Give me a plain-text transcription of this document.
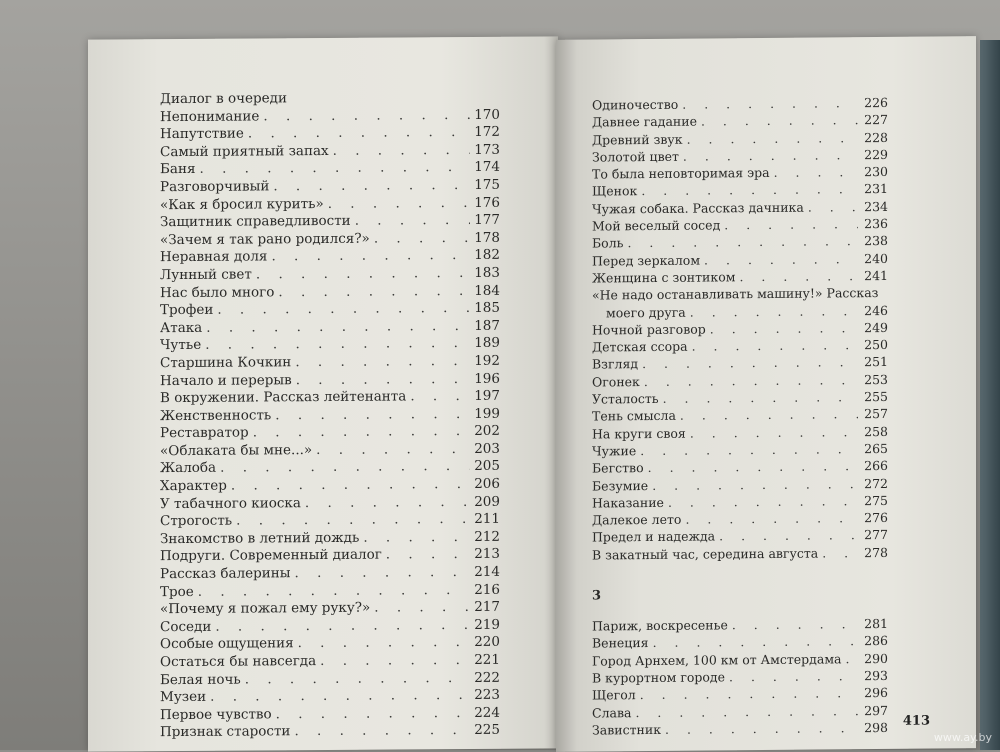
Диалог в очереди
Непонимание . . .	170
Напутствие . . .	172
Самый приятный запах . . .	173
Баня . . .	174
Разговорчивый . . .	175
«Как я бросил курить» . . .	176
Защитник справедливости . . .	177
«Зачем я так рано родился?» . . .	178
Неравная доля . . .	182
Лунный свет . . .	183
Нас было много . . .	184
Трофеи . . .	185
Атака . . .	187
Чутье . . .	189
Старшина Кочкин . . .	192
Начало и перерыв . . .	196
В окружении. Рассказ лейтенанта . . .	197
Женственность . . .	199
Реставратор . . .	202
«Облаката бы мне...» . . .	203
Жалоба . . .	205
Характер . . .	206
У табачного киоска . . .	209
Строгость . . .	211
Знакомство в летний дождь . . .	212
Подруги. Современный диалог . . .	213
Рассказ балерины . . .	214
Трое . . .	216
«Почему я пожал ему руку?» . . .	217
Соседи . . .	219
Особые ощущения . . .	220
Остаться бы навсегда . . .	221
Белая ночь . . .	222
Музеи . . .	223
Первое чувство . . .	224
Признак старости . . .	225
Одиночество . . .	226
Давнее гадание . . .	227
Древний звук . . .	228
Золотой цвет . . .	229
То была неповторимая эра . . .	230
Щенок . . .	231
Чужая собака. Рассказ дачника . . .	234
Мой веселый сосед . . .	236
Боль . . .	238
Перед зеркалом . . .	240
Женщина с зонтиком . . .	241
«Не надо останавливать машину!» Рассказ
моего друга . . .	246
Ночной разговор . . .	249
Детская ссора . . .	250
Взгляд . . .	251
Огонек . . .	253
Усталость . . .	255
Тень смысла . . .	257
На круги своя . . .	258
Чужие . . .	265
Бегство . . .	266
Безумие . . .	272
Наказание . . .	275
Далекое лето . . .	276
Предел и надежда . . .	277
В закатный час, середина августа . . .	278
3
Париж, воскресенье . . .	281
Венеция . . .	286
Город Арнхем, 100 км от Амстердама . . . 290
В курортном городе . . .	293
Щегол . . .	296
Слава . . .	297
Завистник . . .	298 413
www.ay.by
